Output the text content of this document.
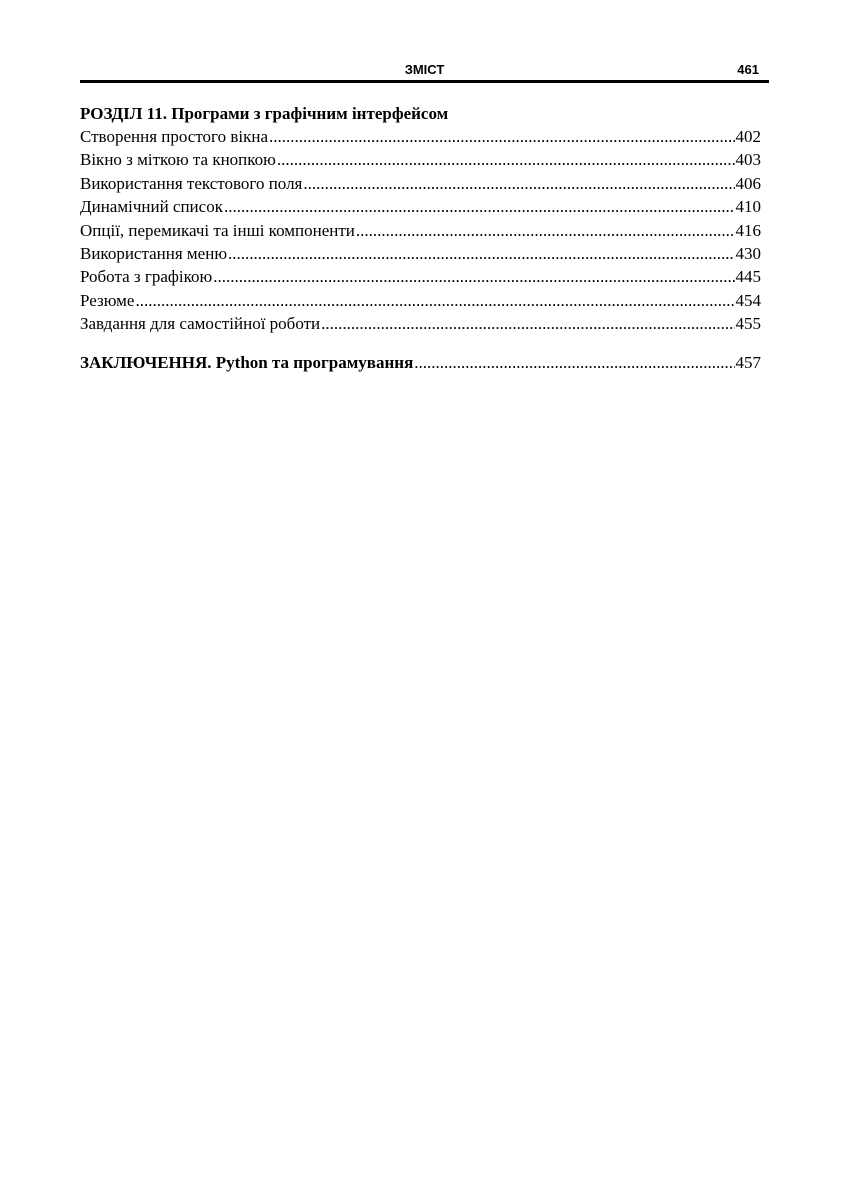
ЗМІСТ	461
РОЗДІЛ 11. Програми з графічним інтерфейсом
Створення простого вікна .....	402
Вікно з міткою та кнопкою .....	403
Використання текстового поля .....	406
Динамічний список .....	410
Опції, перемикачі та інші компоненти .....	416
Використання меню .....	430
Робота з графікою .....	445
Резюме .....	454
Завдання для самостійної роботи .....	455
ЗАКЛЮЧЕННЯ. Python та програмування .....	457
